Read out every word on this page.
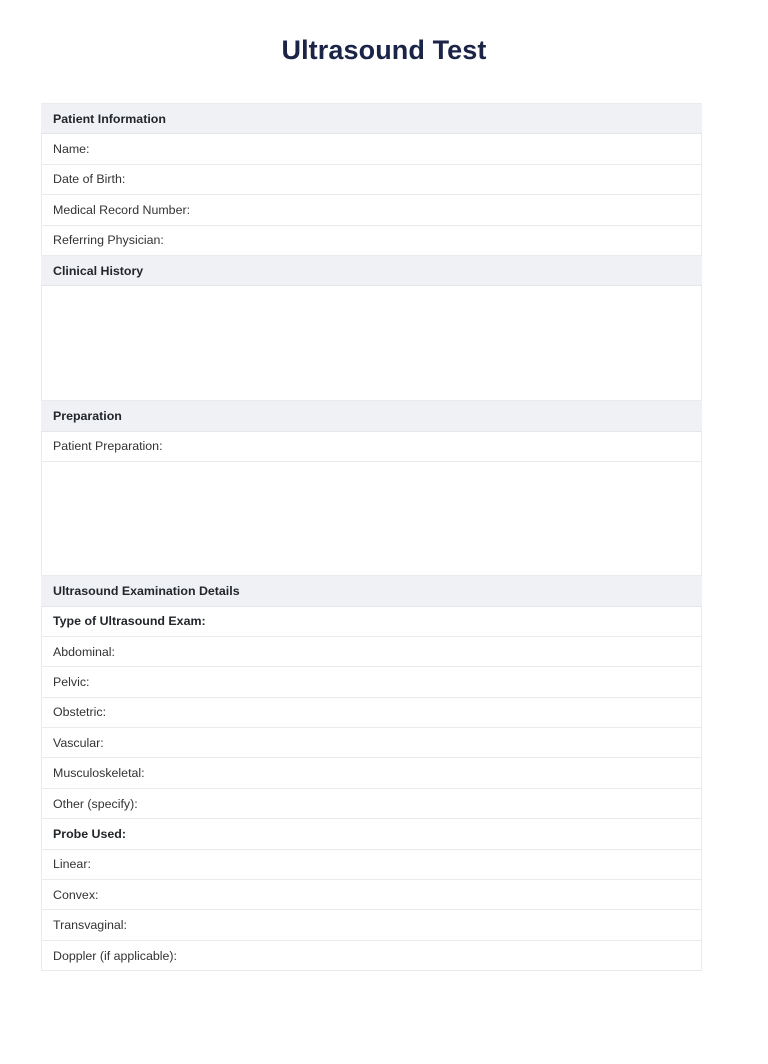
Ultrasound Test
Patient Information
Name:
Date of Birth:
Medical Record Number:
Referring Physician:
Clinical History

Preparation
Patient Preparation:

Ultrasound Examination Details
Type of Ultrasound Exam:
Abdominal:
Pelvic:
Obstetric:
Vascular:
Musculoskeletal:
Other (specify):
Probe Used:
Linear:
Convex:
Transvaginal:
Doppler (if applicable):
